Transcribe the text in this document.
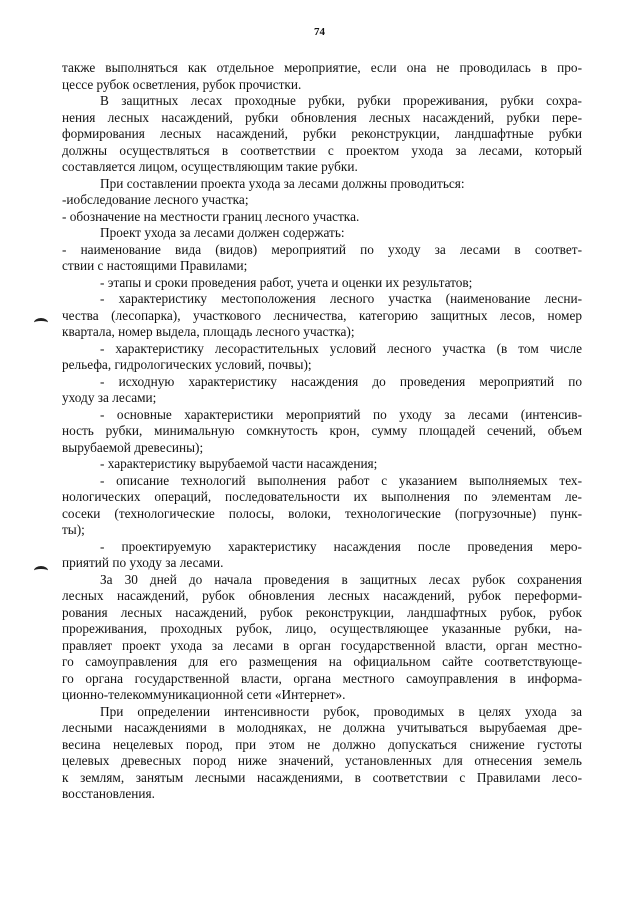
74
также выполняться как отдельное мероприятие, если она не проводилась в про-
цессе рубок осветления, рубок прочистки.
В защитных лесах проходные рубки, рубки прореживания, рубки сохра-
нения лесных насаждений, рубки обновления лесных насаждений, рубки пере-
формирования лесных насаждений, рубки реконструкции, ландшафтные рубки
должны осуществляться в соответствии с проектом ухода за лесами, который
составляется лицом, осуществляющим такие рубки.
При составлении проекта ухода за лесами должны проводиться:
-иобследование лесного участка;
- обозначение на местности границ лесного участка.
Проект ухода за лесами должен содержать:
- наименование вида (видов) мероприятий по уходу за лесами в соответ-
ствии с настоящими Правилами;
- этапы и сроки проведения работ, учета и оценки их результатов;
- характеристику местоположения лесного участка (наименование лесни-
чества (лесопарка), участкового лесничества, категорию защитных лесов, номер
квартала, номер выдела, площадь лесного участка);
- характеристику лесорастительных условий лесного участка (в том числе
рельефа, гидрологических условий, почвы);
- исходную характеристику насаждения до проведения мероприятий по
уходу за лесами;
- основные характеристики мероприятий по уходу за лесами (интенсив-
ность рубки, минимальную сомкнутость крон, сумму площадей сечений, объем
вырубаемой древесины);
- характеристику вырубаемой части насаждения;
- описание технологий выполнения работ с указанием выполняемых тех-
нологических операций, последовательности их выполнения по элементам ле-
сосеки (технологические полосы, волоки, технологические (погрузочные) пунк-
ты);
- проектируемую характеристику насаждения после проведения меро-
приятий по уходу за лесами.
За 30 дней до начала проведения в защитных лесах рубок сохранения
лесных насаждений, рубок обновления лесных насаждений, рубок переформи-
рования лесных насаждений, рубок реконструкции, ландшафтных рубок, рубок
прореживания, проходных рубок, лицо, осуществляющее указанные рубки, на-
правляет проект ухода за лесами в орган государственной власти, орган местно-
го самоуправления для его размещения на официальном сайте соответствующе-
го органа государственной власти, органа местного самоуправления в информа-
ционно-телекоммуникационной сети «Интернет».
При определении интенсивности рубок, проводимых в целях ухода за
лесными насаждениями в молодняках, не должна учитываться вырубаемая дре-
весина нецелевых пород, при этом не должно допускаться снижение густоты
целевых древесных пород ниже значений, установленных для отнесения земель
к землям, занятым лесными насаждениями, в соответствии с Правилами лесо-
восстановления.
